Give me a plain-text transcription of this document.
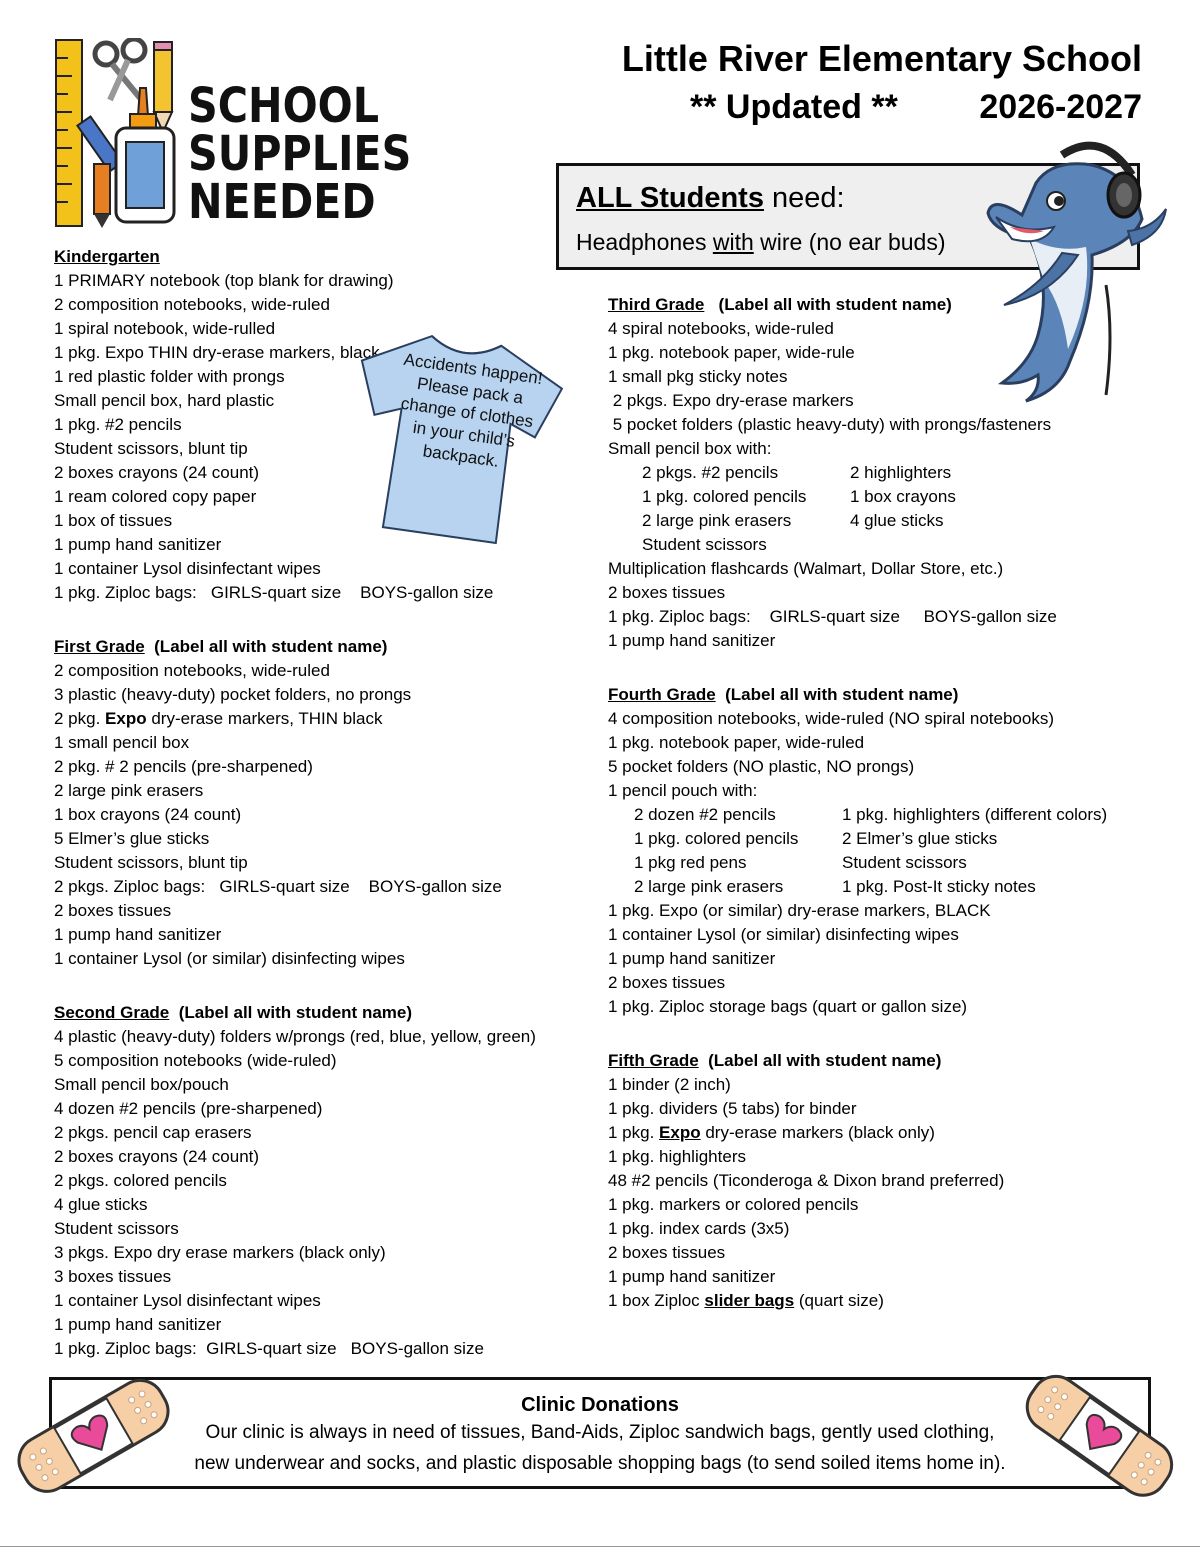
Little River Elementary School
** Updated **	2026-2027
SCHOOL
SUPPLIES
NEEDED	ALL Students need:
Headphones with wire (no ear buds)
Kindergarten
1 PRIMARY notebook (top blank for drawing)
2 composition notebooks, wide-ruled
1 spiral notebook, wide-rulled
1 pkg. Expo THIN dry-erase markers, black
1 red plastic folder with prongs
Small pencil box, hard plastic
1 pkg. #2 pencils
Student scissors, blunt tip
2 boxes crayons (24 count)
1 ream colored copy paper
1 box of tissues
1 pump hand sanitizer
1 container Lysol disinfectant wipes
1 pkg. Ziploc bags:   GIRLS-quart size    BOYS-gallon size
First Grade  (Label all with student name)
2 composition notebooks, wide-ruled
3 plastic (heavy-duty) pocket folders, no prongs
2 pkg. Expo dry-erase markers, THIN black
1 small pencil box
2 pkg. # 2 pencils (pre-sharpened)
2 large pink erasers
1 box crayons (24 count)
5 Elmer’s glue sticks
Student scissors, blunt tip
2 pkgs. Ziploc bags:   GIRLS-quart size    BOYS-gallon size
2 boxes tissues
1 pump hand sanitizer
1 container Lysol (or similar) disinfecting wipes
Second Grade  (Label all with student name)
4 plastic (heavy-duty) folders w/prongs (red, blue, yellow, green)
5 composition notebooks (wide-ruled)
Small pencil box/pouch
4 dozen #2 pencils (pre-sharpened)
2 pkgs. pencil cap erasers
2 boxes crayons (24 count)
2 pkgs. colored pencils
4 glue sticks
Student scissors
3 pkgs. Expo dry erase markers (black only)
3 boxes tissues
1 container Lysol disinfectant wipes
1 pump hand sanitizer
1 pkg. Ziploc bags:  GIRLS-quart size   BOYS-gallon size
Accidents happen! Please pack a change of clothes in your child’s backpack.
Third Grade   (Label all with student name)
4 spiral notebooks, wide-ruled
1 pkg. notebook paper, wide-rule
1 small pkg sticky notes
2 pkgs. Expo dry-erase markers
5 pocket folders (plastic heavy-duty) with prongs/fasteners
Small pencil box with:
2 pkgs. #2 pencils	2 highlighters
1 pkg. colored pencils	1 box crayons
2 large pink erasers	4 glue sticks
Student scissors
Multiplication flashcards (Walmart, Dollar Store, etc.)
2 boxes tissues
1 pkg. Ziploc bags:    GIRLS-quart size     BOYS-gallon size
1 pump hand sanitizer
Fourth Grade  (Label all with student name)
4 composition notebooks, wide-ruled (NO spiral notebooks)
1 pkg. notebook paper, wide-ruled
5 pocket folders (NO plastic, NO prongs)
1 pencil pouch with:
2 dozen #2 pencils	1 pkg. highlighters (different colors)
1 pkg. colored pencils	2 Elmer’s glue sticks
1 pkg red pens	Student scissors
2 large pink erasers	1 pkg. Post-It sticky notes
1 pkg. Expo (or similar) dry-erase markers, BLACK
1 container Lysol (or similar) disinfecting wipes
1 pump hand sanitizer
2 boxes tissues
1 pkg. Ziploc storage bags (quart or gallon size)
Fifth Grade  (Label all with student name)
1 binder (2 inch)
1 pkg. dividers (5 tabs) for binder
1 pkg. Expo dry-erase markers (black only)
1 pkg. highlighters
48 #2 pencils (Ticonderoga & Dixon brand preferred)
1 pkg. markers or colored pencils
1 pkg. index cards (3x5)
2 boxes tissues
1 pump hand sanitizer
1 box Ziploc slider bags (quart size)
Clinic Donations
Our clinic is always in need of tissues, Band-Aids, Ziploc sandwich bags, gently used clothing,
new underwear and socks, and plastic disposable shopping bags (to send soiled items home in).
